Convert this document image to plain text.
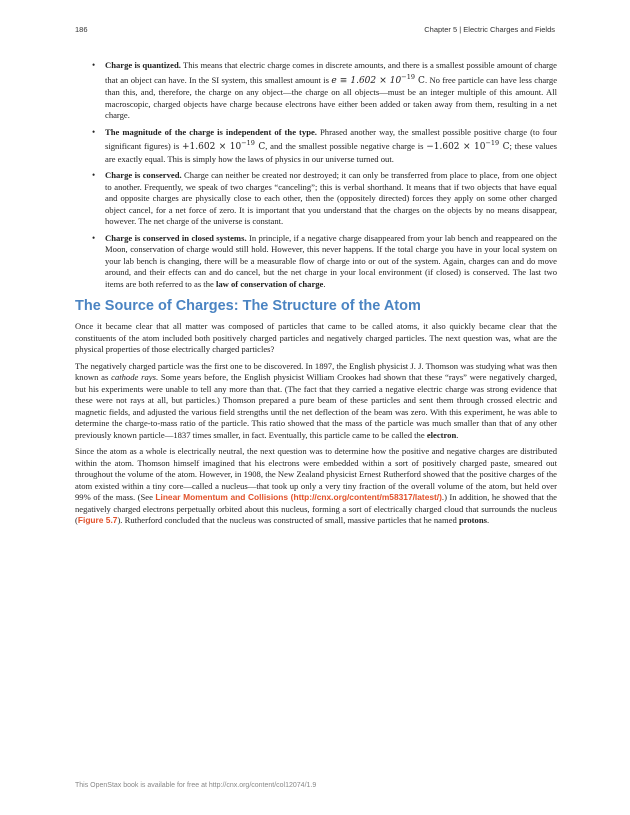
186	Chapter 5 | Electric Charges and Fields
• Charge is quantized. This means that electric charge comes in discrete amounts, and there is a smallest possible amount of charge that an object can have. In the SI system, this smallest amount is $e \equiv 1.602 \times 10^{-19}$ C. No free particle can have less charge than this, and, therefore, the charge on any object—the charge on all objects—must be an integer multiple of this amount. All macroscopic, charged objects have charge because electrons have either been added or taken away from them, resulting in a net charge.
• The magnitude of the charge is independent of the type. Phrased another way, the smallest possible positive charge (to four significant figures) is $+1.602 \times 10^{-19}$ C, and the smallest possible negative charge is $-1.602 \times 10^{-19}$ C; these values are exactly equal. This is simply how the laws of physics in our universe turned out.
• Charge is conserved. Charge can neither be created nor destroyed; it can only be transferred from place to place, from one object to another. Frequently, we speak of two charges “canceling”; this is verbal shorthand. It means that if two objects that have equal and opposite charges are physically close to each other, then the (oppositely directed) forces they apply on some other charged object cancel, for a net force of zero. It is important that you understand that the charges on the objects by no means disappear, however. The net charge of the universe is constant.
• Charge is conserved in closed systems. In principle, if a negative charge disappeared from your lab bench and reappeared on the Moon, conservation of charge would still hold. However, this never happens. If the total charge you have in your local system on your lab bench is changing, there will be a measurable flow of charge into or out of the system. Again, charges can and do move around, and their effects can and do cancel, but the net charge in your local environment (if closed) is conserved. The last two items are both referred to as the law of conservation of charge.
The Source of Charges: The Structure of the Atom

Once it became clear that all matter was composed of particles that came to be called atoms, it also quickly became clear that the constituents of the atom included both positively charged particles and negatively charged particles. The next question was, what are the physical properties of those electrically charged particles?

The negatively charged particle was the first one to be discovered. In 1897, the English physicist J. J. Thomson was studying what was then known as cathode rays. Some years before, the English physicist William Crookes had shown that these “rays” were negatively charged, but his experiments were unable to tell any more than that. (The fact that they carried a negative electric charge was strong evidence that these were not rays at all, but particles.) Thomson prepared a pure beam of these particles and sent them through crossed electric and magnetic fields, and adjusted the various field strengths until the net deflection of the beam was zero. With this experiment, he was able to determine the charge-to-mass ratio of the particle. This ratio showed that the mass of the particle was much smaller than that of any other previously known particle—1837 times smaller, in fact. Eventually, this particle came to be called the electron.

Since the atom as a whole is electrically neutral, the next question was to determine how the positive and negative charges are distributed within the atom. Thomson himself imagined that his electrons were embedded within a sort of positively charged paste, smeared out throughout the volume of the atom. However, in 1908, the New Zealand physicist Ernest Rutherford showed that the positive charges of the atom existed within a tiny core—called a nucleus—that took up only a very tiny fraction of the overall volume of the atom, but held over 99% of the mass. (See Linear Momentum and Collisions (http://cnx.org/content/m58317/latest/).) In addition, he showed that the negatively charged electrons perpetually orbited about this nucleus, forming a sort of electrically charged cloud that surrounds the nucleus (Figure 5.7). Rutherford concluded that the nucleus was constructed of small, massive particles that he named protons.

This OpenStax book is available for free at http://cnx.org/content/col12074/1.9
